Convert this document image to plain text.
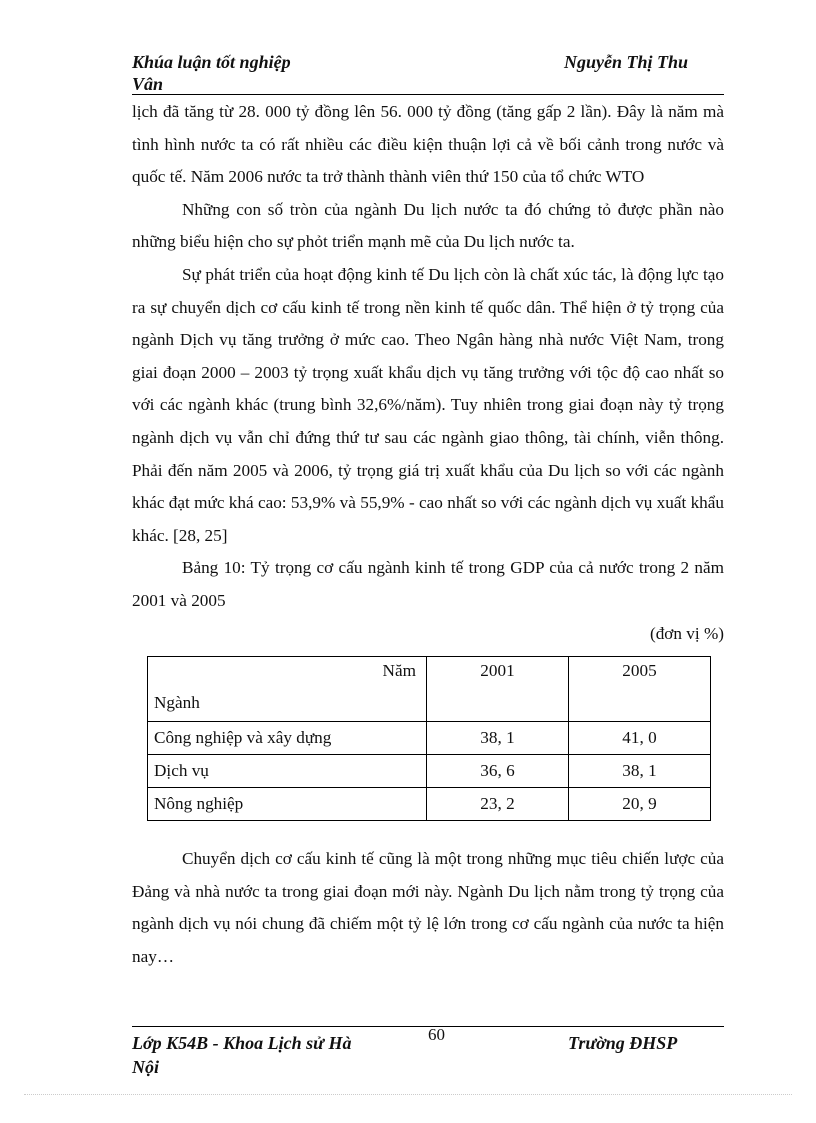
Khúa luận tốt nghiệp	Nguyễn Thị Thu
Vân

lịch đã tăng từ 28. 000 tỷ đồng lên 56. 000 tỷ đồng (tăng gấp 2 lần). Đây là năm mà tình hình nước ta có rất nhiều các điều kiện thuận lợi cả về bối cảnh trong nước và quốc tế. Năm 2006 nước ta trở thành thành viên thứ 150 của tổ chức WTO

Những con số tròn của ngành Du lịch nước ta đó chứng tỏ được phần nào những biểu hiện cho sự phỏt triển mạnh mẽ của Du lịch nước ta.

Sự phát triển của hoạt động kinh tế Du lịch còn là chất xúc tác, là động lực tạo ra sự chuyển dịch cơ cấu kinh tế trong nền kinh tế quốc dân. Thể hiện ở tỷ trọng của ngành Dịch vụ tăng trưởng ở mức cao. Theo Ngân hàng nhà nước Việt Nam, trong giai đoạn 2000 – 2003 tỷ trọng xuất khẩu dịch vụ tăng trưởng với tộc độ cao nhất so với các ngành khác (trung bình 32,6%/năm). Tuy nhiên trong giai đoạn này tỷ trọng ngành dịch vụ vẫn chỉ đứng thứ tư sau các ngành giao thông, tài chính, viễn thông. Phải đến năm 2005 và 2006, tỷ trọng giá trị xuất khẩu của Du lịch so với các ngành khác đạt mức khá cao: 53,9% và 55,9% - cao nhất so với các ngành dịch vụ xuất khẩu khác. [28, 25]

Bảng 10: Tỷ trọng cơ cấu ngành kinh tế trong GDP của cả nước trong 2 năm 2001 và 2005

(đơn vị %)

Năm
Ngành	2001	2005
Công nghiệp và xây dựng	38, 1	41, 0
Dịch vụ	36, 6	38, 1
Nông nghiệp	23, 2	20, 9

Chuyển dịch cơ cấu kinh tế cũng là một trong những mục tiêu chiến lược của Đảng và nhà nước ta trong giai đoạn mới này. Ngành Du lịch nằm trong tỷ trọng của ngành dịch vụ nói chung đã chiếm một tỷ lệ lớn trong cơ cấu ngành của nước ta hiện nay…

Lớp K54B - Khoa Lịch sử Hà Nội
60	Trường ĐHSP
